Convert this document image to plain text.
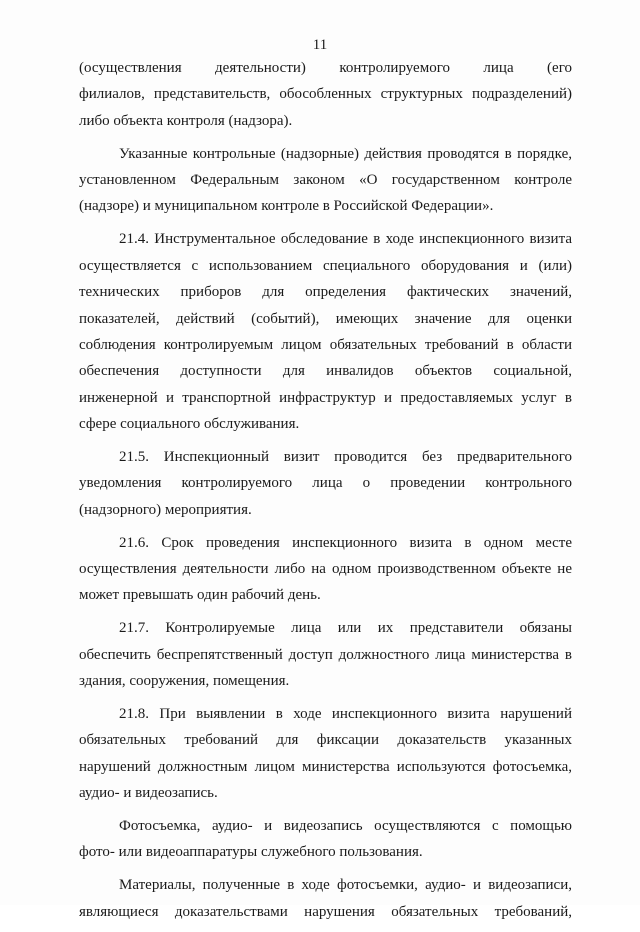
11
(осуществления деятельности) контролируемого лица (его
филиалов, представительств, обособленных структурных подразделений)
либо объекта контроля (надзора).
Указанные контрольные (надзорные) действия проводятся в порядке,
установленном Федеральным законом «О государственном контроле
(надзоре) и муниципальном контроле в Российской Федерации».
21.4. Инструментальное обследование в ходе инспекционного визита
осуществляется с использованием специального оборудования и (или)
технических приборов для определения фактических значений,
показателей, действий (событий), имеющих значение для оценки
соблюдения контролируемым лицом обязательных требований в области
обеспечения доступности для инвалидов объектов социальной,
инженерной и транспортной инфраструктур и предоставляемых услуг в
сфере социального обслуживания.
21.5. Инспекционный визит проводится без предварительного
уведомления контролируемого лица о проведении контрольного
(надзорного) мероприятия.
21.6. Срок проведения инспекционного визита в одном месте
осуществления деятельности либо на одном производственном объекте не
может превышать один рабочий день.
21.7. Контролируемые лица или их представители обязаны
обеспечить беспрепятственный доступ должностного лица министерства в
здания, сооружения, помещения.
21.8. При выявлении в ходе инспекционного визита нарушений
обязательных требований для фиксации доказательств указанных
нарушений должностным лицом министерства используются фотосъемка,
аудио- и видеозапись.
Фотосъемка, аудио- и видеозапись осуществляются с помощью
фото- или видеоаппаратуры служебного пользования.
Материалы, полученные в ходе фотосъемки, аудио- и видеозаписи,
являющиеся доказательствами нарушения обязательных требований,
